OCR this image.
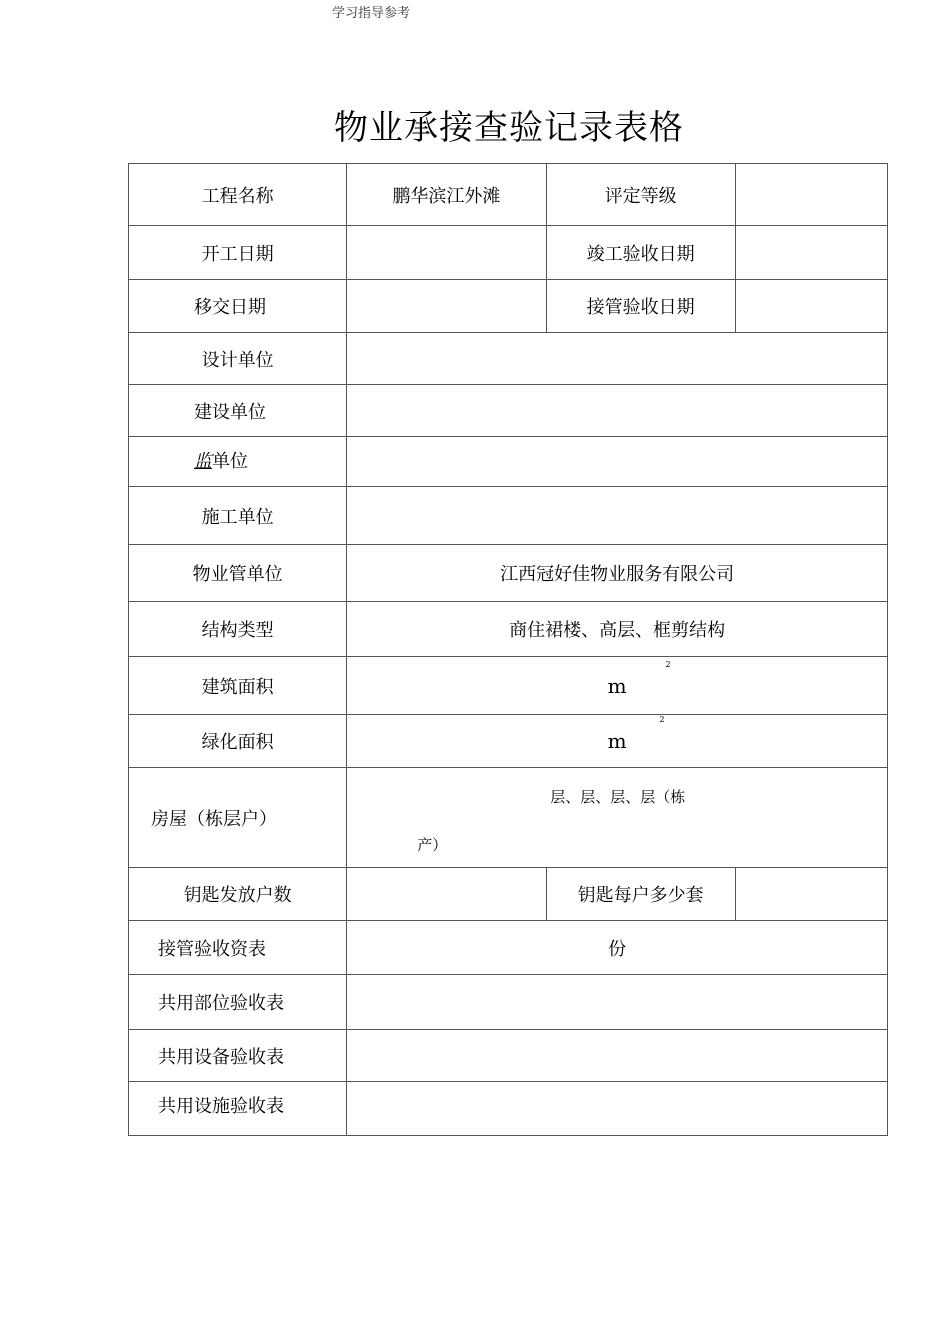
学习指导参考
物业承接查验记录表格
工程名称	鹏华滨江外滩	评定等级	
开工日期		竣工验收日期	
移交日期		接管验收日期	
设计单位			
建设单位			
监单位			
施工单位			
物业管单位	江西冠好佳物业服务有限公司		
结构类型	商住裙楼、高层、框剪结构		
建筑面积	m
2		

绿化面积	m
2		

房屋（栋层户）	层、层、层、层（栋
产）		

钥匙发放户数		钥匙每户多少套	
接管验收资表	份		
共用部位验收表			
共用设备验收表			
共用设施验收表			
